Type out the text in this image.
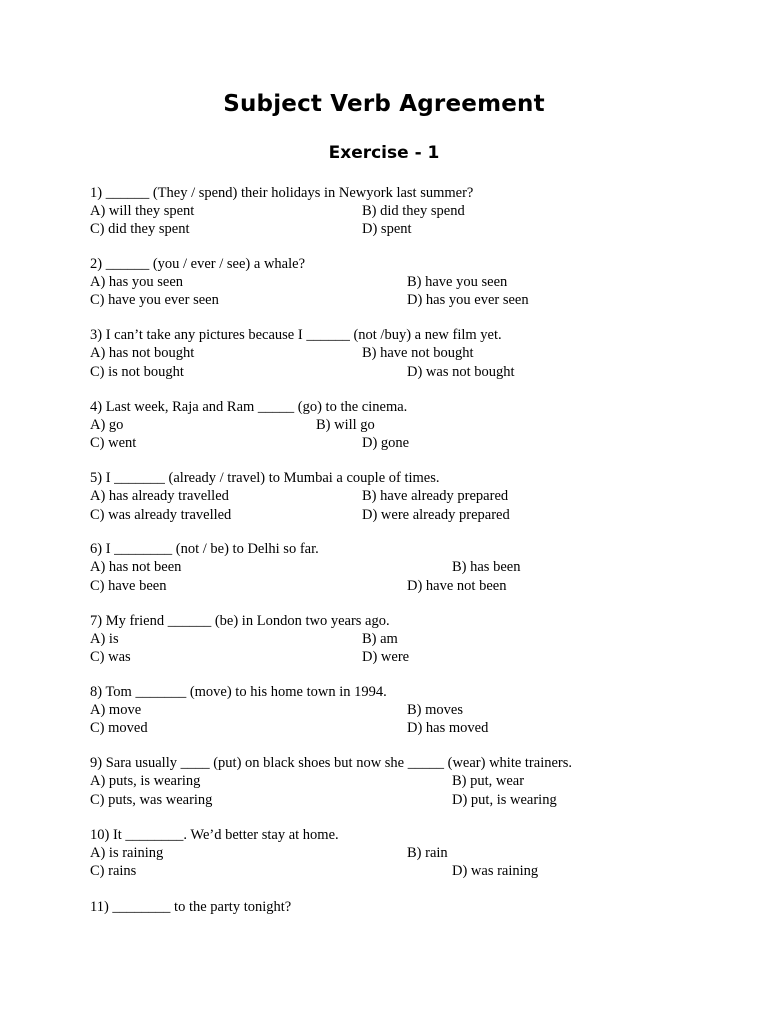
Subject Verb Agreement
Exercise - 1
1) ______ (They / spend) their holidays in Newyork last summer?
A) will they spent	B) did they spend
C) did they spent	D) spent
2) ______ (you / ever / see) a whale?
A) has you seen	B) have you seen
C) have you ever seen	D) has you ever seen
3) I can’t take any pictures because I ______ (not /buy) a new film yet.
A) has not bought	B) have not bought
C) is not bought	D) was not bought
4) Last week, Raja and Ram _____ (go) to the cinema.
A) go	B) will go
C) went	D) gone
5) I _______ (already / travel) to Mumbai a couple of times.
A) has already travelled	B) have already prepared
C) was already travelled	D) were already prepared
6) I ________ (not / be) to Delhi so far.
A) has not been	B) has been
C) have been	D) have not been
7) My friend ______ (be) in London two years ago.
A) is	B) am
C) was	D) were
8) Tom _______ (move) to his home town in 1994.
A) move	B) moves
C) moved	D) has moved
9) Sara usually ____ (put) on black shoes but now she _____ (wear) white trainers.
A) puts, is wearing	B) put, wear
C) puts, was wearing	D) put, is wearing
10) It ________. We’d better stay at home.
A) is raining	B) rain
C) rains	D) was raining
11) ________ to the party tonight?
